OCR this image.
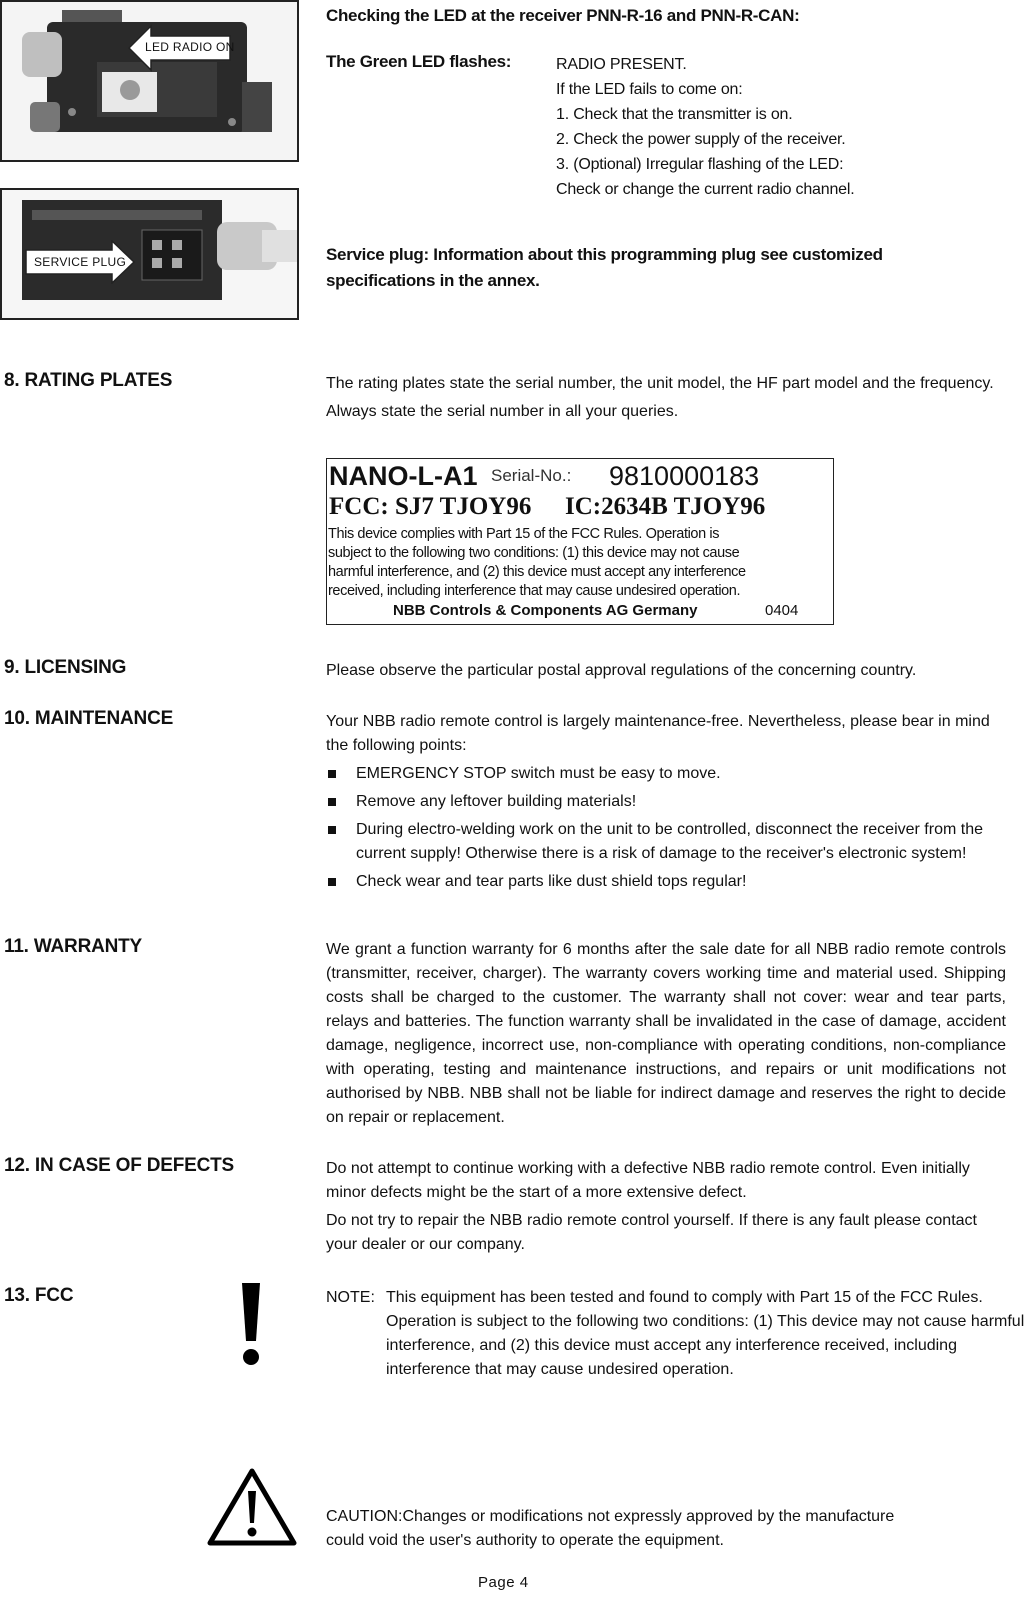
LED RADIO ON
SERVICE PLUG
Checking the LED at the receiver PNN-R-16 and PNN-R-CAN:
The Green LED flashes:	RADIO PRESENT.
If the LED fails to come on:
1. Check that the transmitter is on.
2. Check the power supply of the receiver.
3. (Optional) Irregular flashing of the LED:
Check or change the current radio channel.
Service plug: Information about this programming plug see customized
specifications in the annex.
8. RATING PLATES	The rating plates state the serial number, the unit model, the HF part model and the frequency.

Always state the serial number in all your queries.

NANO-L-A1 Serial-No.: 9810000183
FCC: SJ7 TJOY96 IC:2634B TJOY96
This device complies with Part 15 of the FCC Rules. Operation is
subject to the following two conditions: (1) this device may not cause
harmful interference, and (2) this device must accept any interference
received, including interference that may cause undesired operation.
NBB Controls & Components AG Germany	0404
9. LICENSING	Please observe the particular postal approval regulations of the concerning country.

10. MAINTENANCE	Your NBB radio remote control is largely maintenance-free. Nevertheless, please bear in mind the following points:

EMERGENCY STOP switch must be easy to move.
Remove any leftover building materials!
During electro-welding work on the unit to be controlled, disconnect the receiver from the current supply! Otherwise there is a risk of damage to the receiver's electronic system!
Check wear and tear parts like dust shield tops regular!
11. WARRANTY	We grant a function warranty for 6 months after the sale date for all NBB radio remote controls (transmitter, receiver, charger). The warranty covers working time and material used. Shipping costs shall be charged to the customer. The warranty shall not cover: wear and tear parts, relays and batteries. The function warranty shall be invalidated in the case of damage, accident damage, negligence, incorrect use, non-compliance with operating conditions, non-compliance with operating, testing and maintenance instructions, and repairs or unit modifications not authorised by NBB. NBB shall not be liable for indirect damage and reserves the right to decide on repair or replacement.

12. IN CASE OF DEFECTS	Do not attempt to continue working with a defective NBB radio remote control. Even initially minor defects might be the start of a more extensive defect.

Do not try to repair the NBB radio remote control yourself. If there is any fault please contact your dealer or our company.

13. FCC	NOTE: This equipment has been tested and found to comply with Part 15 of the FCC Rules. Operation is subject to the following two conditions: (1) This device may not cause harmful interference, and (2) this device must accept any interference received, including interference that may cause undesired operation.
CAUTION:Changes or modifications not expressly approved by the manufacture
could void the user's authority to operate the equipment.
Page 4
